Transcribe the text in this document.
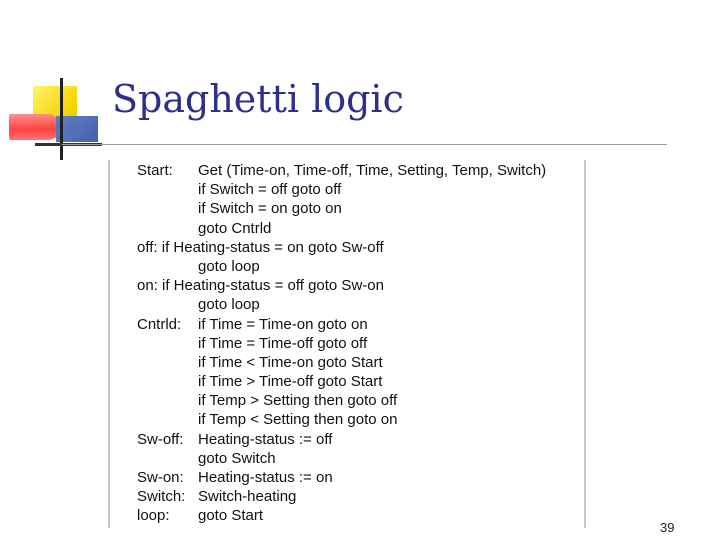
Spaghetti logic
Start: Get (Time-on, Time-off, Time, Setting, Temp, Switch)
if Switch = off goto off
if Switch = on goto on
goto Cntrld
off: if Heating-status = on goto Sw-off
goto loop
on: if Heating-status = off goto Sw-on
goto loop
Cntrld: if Time = Time-on goto on
if Time = Time-off goto off
if Time < Time-on goto Start
if Time > Time-off goto Start
if Temp > Setting then goto off
if Temp < Setting then goto on
Sw-off: Heating-status := off
goto Switch
Sw-on: Heating-status := on
Switch: Switch-heating
loop: goto Start
39
